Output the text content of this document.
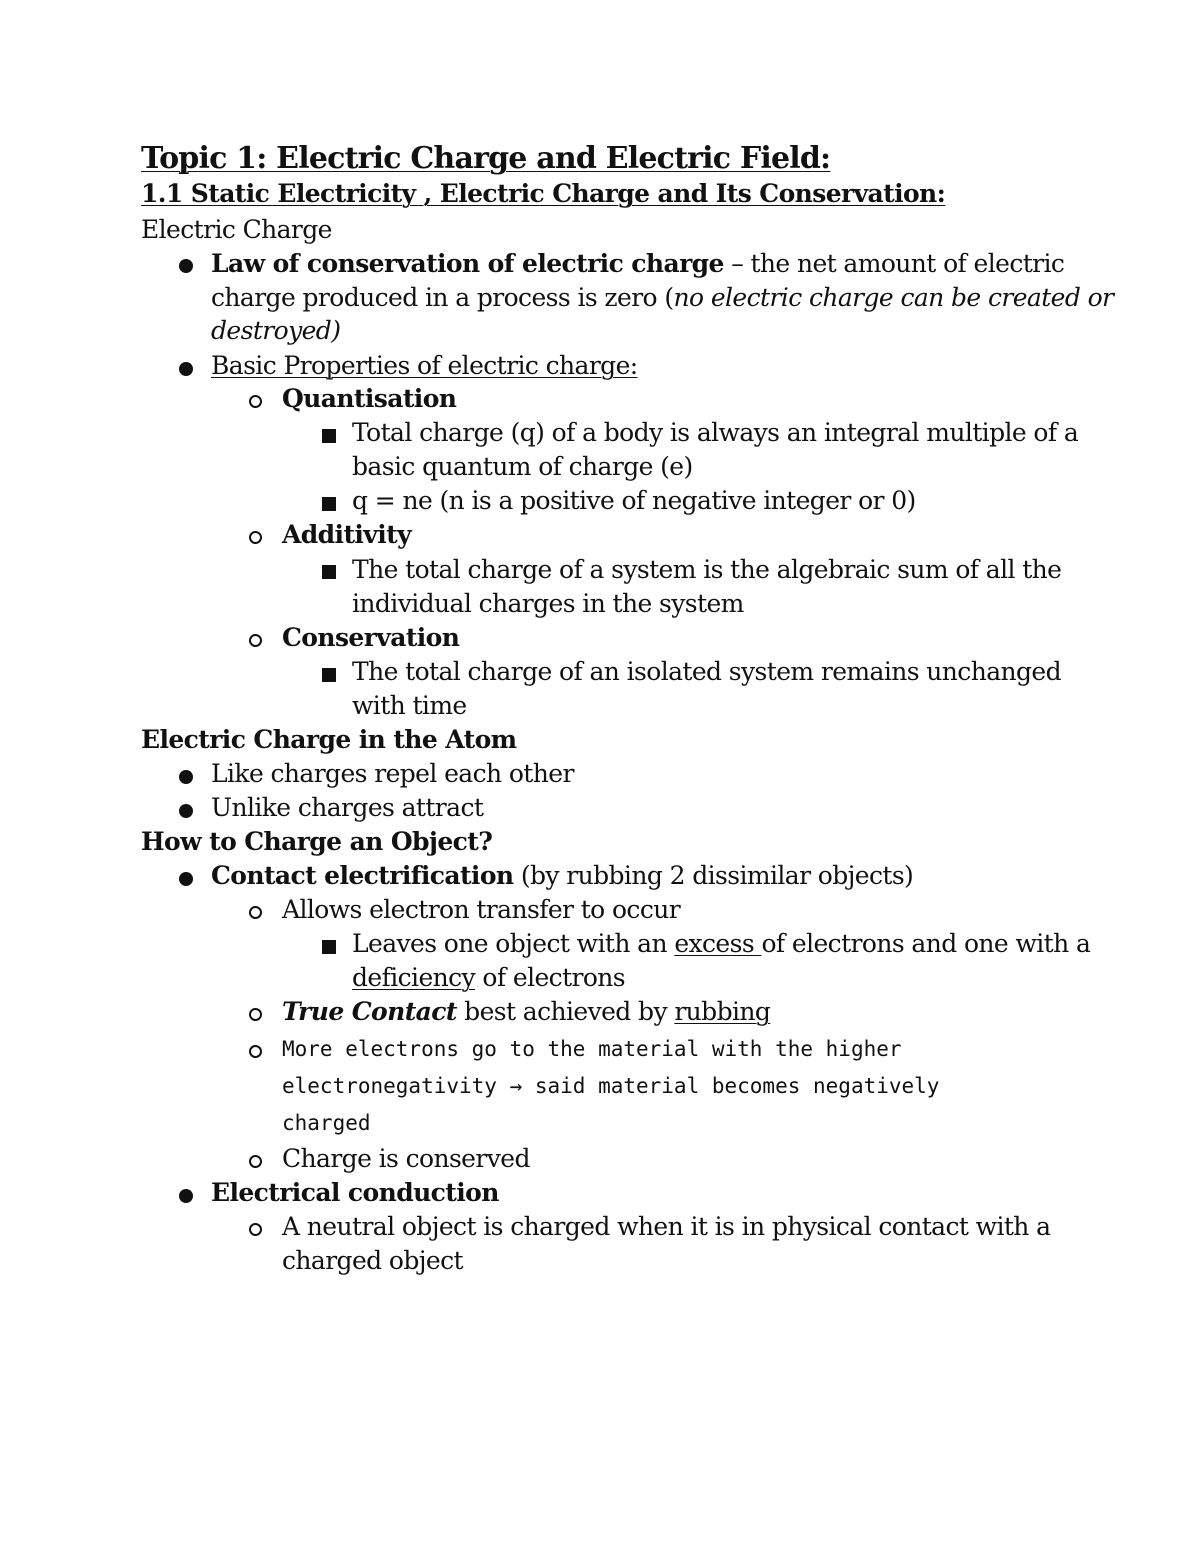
Topic 1: Electric Charge and Electric Field:
1.1 Static Electricity , Electric Charge and Its Conservation:
Electric Charge
Law of conservation of electric charge – the net amount of electric
charge produced in a process is zero (no electric charge can be created or
destroyed)
Basic Properties of electric charge:
Quantisation
Total charge (q) of a body is always an integral multiple of a
basic quantum of charge (e)
q = ne (n is a positive of negative integer or 0)
Additivity
The total charge of a system is the algebraic sum of all the
individual charges in the system
Conservation
The total charge of an isolated system remains unchanged
with time
Electric Charge in the Atom
Like charges repel each other
Unlike charges attract
How to Charge an Object?
Contact electrification (by rubbing 2 dissimilar objects)
Allows electron transfer to occur
Leaves one object with an excess of electrons and one with a
deficiency of electrons
True Contact best achieved by rubbing
More electrons go to the material with the higher
electronegativity → said material becomes negatively
charged
Charge is conserved
Electrical conduction
A neutral object is charged when it is in physical contact with a
charged object
